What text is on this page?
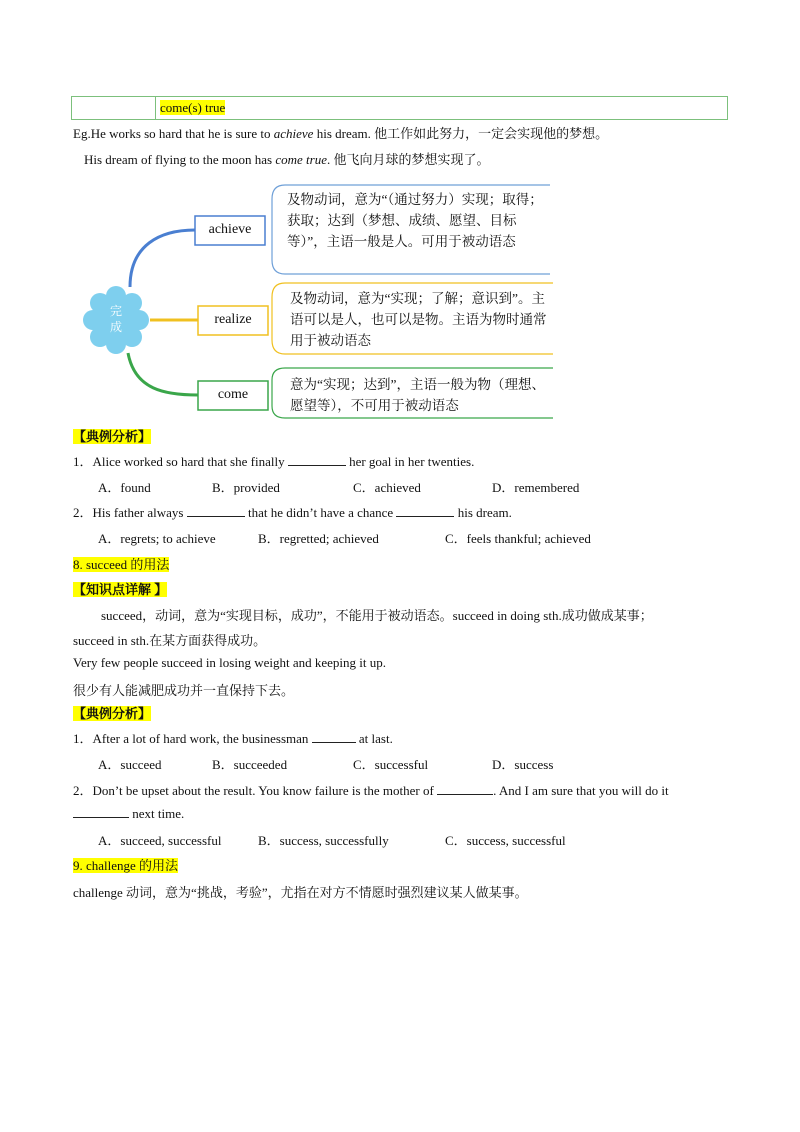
	come(s) true
Eg.He works so hard that he is sure to achieve his dream. 他工作如此努力，一定会实现他的梦想。
His dream of flying to the moon has come true. 他飞向月球的梦想实现了。
完成
achieve
realize
come
及物动词，意为“（通过努力）实现；取得；获取；达到（梦想、成绩、愿望、目标等）”，主语一般是人。可用于被动语态
及物动词，意为“实现；了解；意识到”。主语可以是人，也可以是物。主语为物时通常用于被动语态
意为“实现；达到”，主语一般为物（理想、愿望等），不可用于被动语态
【典例分析】
1．Alice worked so hard that she finally	her goal in her twenties.
A．found	B．provided	C．achieved	D．remembered
2．His father always	that he didn’t have a chance	his dream.
A．regrets; to achieve	B．regretted; achieved	C．feels thankful; achieved
8. succeed 的用法
【知识点详解 】
succeed，动词，意为“实现目标，成功”，不能用于被动语态。succeed in doing sth.成功做成某事；
succeed in sth.在某方面获得成功。
Very few people succeed in losing weight and keeping it up.
很少有人能减肥成功并一直保持下去。
【典例分析】
1．After a lot of hard work, the businessman	at last.
A．succeed	B．succeeded	C．successful	D．success
2．Don’t be upset about the result. You know failure is the mother of	. And I am sure that you will do it
next time.
A．succeed, successful	B．success, successfully	C．success, successful
9. challenge 的用法
challenge 动词，意为“挑战，考验”，尤指在对方不情愿时强烈建议某人做某事。
